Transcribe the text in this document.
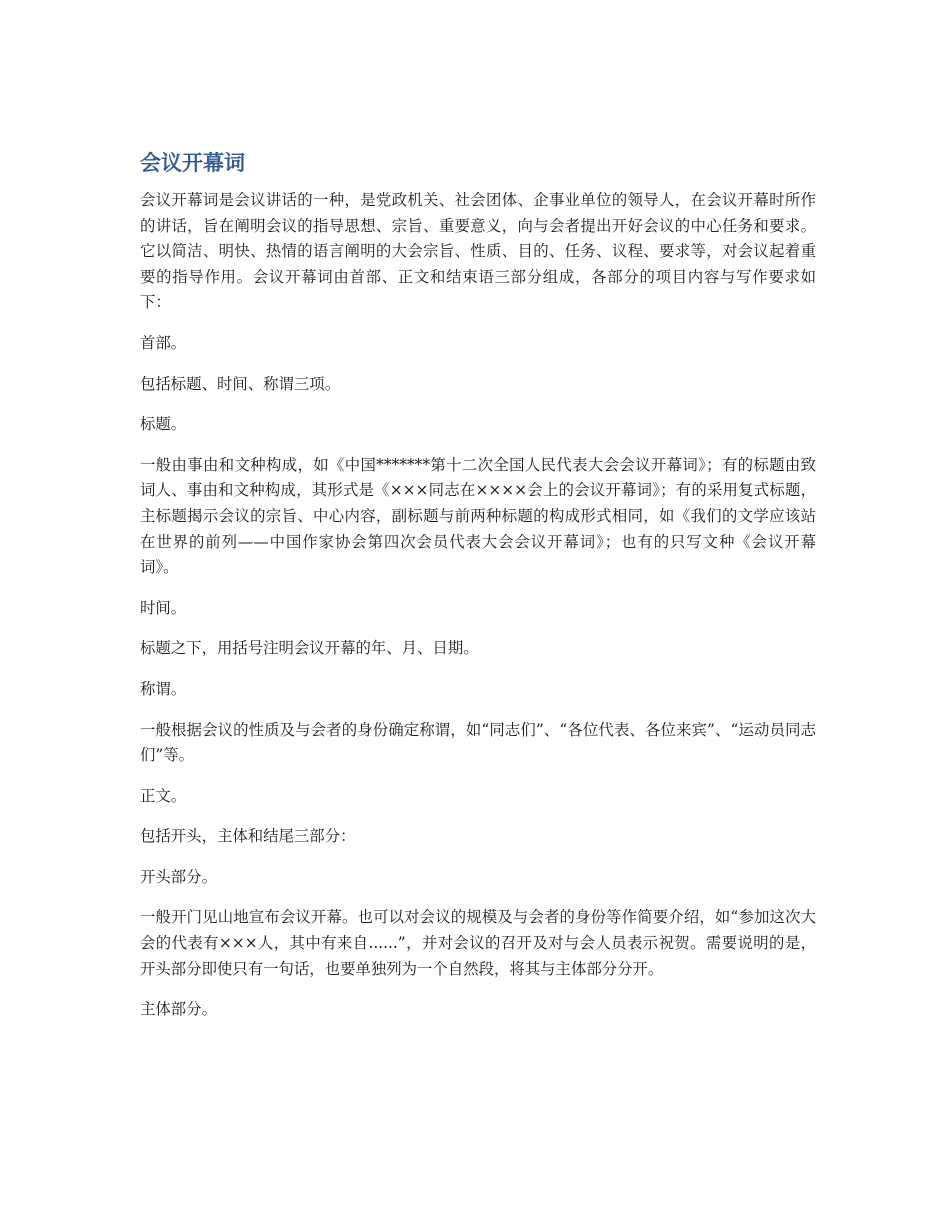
会议开幕词

会议开幕词是会议讲话的一种，是党政机关、社会团体、企事业单位的领导人，在会议开幕时所作的讲话，旨在阐明会议的指导思想、宗旨、重要意义，向与会者提出开好会议的中心任务和要求。它以简洁、明快、热情的语言阐明的大会宗旨、性质、目的、任务、议程、要求等，对会议起着重要的指导作用。会议开幕词由首部、正文和结束语三部分组成，各部分的项目内容与写作要求如下：

首部。

包括标题、时间、称谓三项。

标题。

一般由事由和文种构成，如《中国*******第十二次全国人民代表大会会议开幕词》；有的标题由致词人、事由和文种构成，其形式是《×××同志在××××会上的会议开幕词》；有的采用复式标题，主标题揭示会议的宗旨、中心内容，副标题与前两种标题的构成形式相同，如《我们的文学应该站在世界的前列——中国作家协会第四次会员代表大会会议开幕词》；也有的只写文种《会议开幕词》。

时间。

标题之下，用括号注明会议开幕的年、月、日期。

称谓。

一般根据会议的性质及与会者的身份确定称谓，如“同志们”、“各位代表、各位来宾”、“运动员同志们”等。

正文。

包括开头，主体和结尾三部分：

开头部分。

一般开门见山地宣布会议开幕。也可以对会议的规模及与会者的身份等作简要介绍，如“参加这次大会的代表有×××人，其中有来自......”，并对会议的召开及对与会人员表示祝贺。需要说明的是，开头部分即使只有一句话，也要单独列为一个自然段，将其与主体部分分开。

主体部分。
